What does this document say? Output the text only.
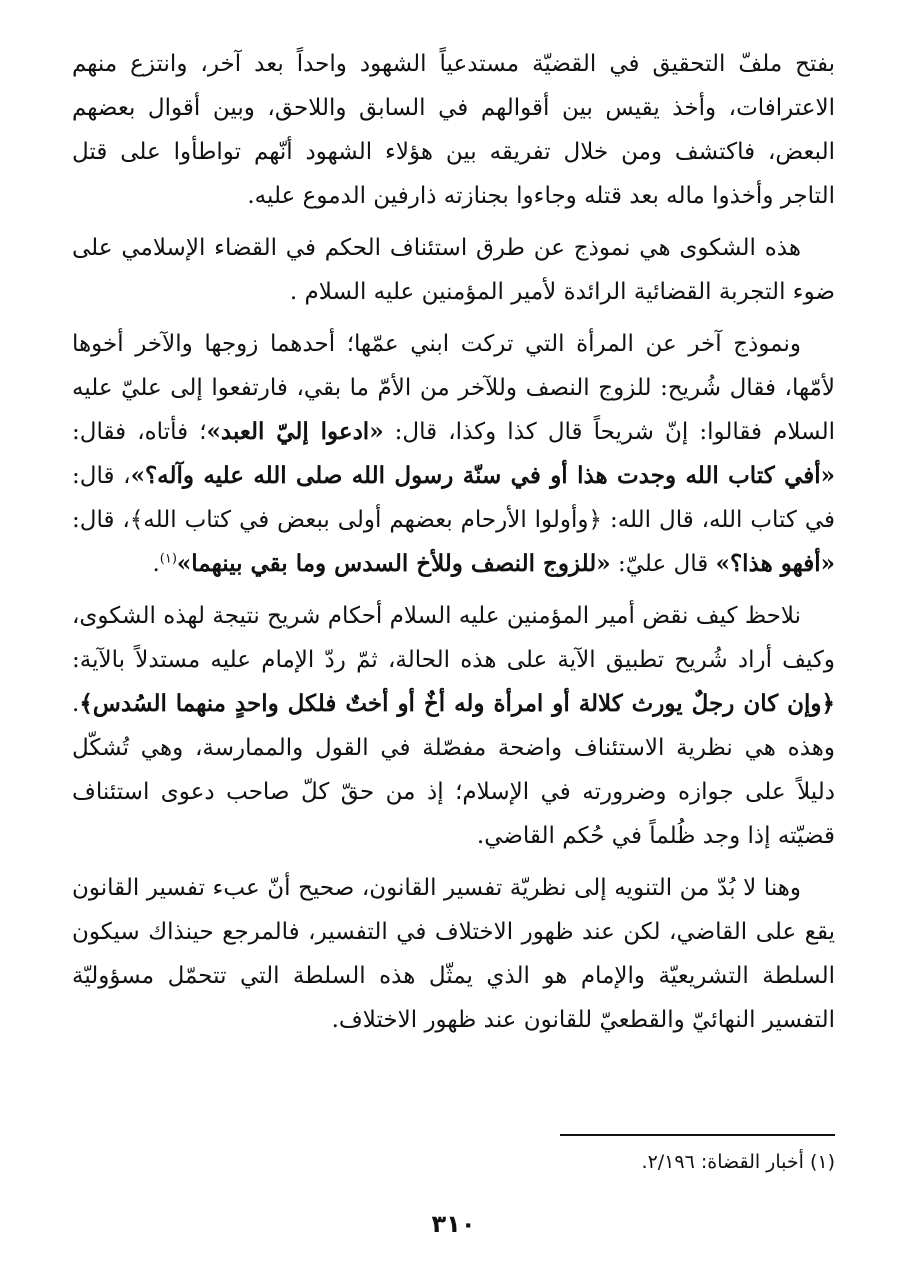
بفتح ملفّ التحقيق في القضيّة مستدعياً الشهود واحداً بعد آخر، وانتزع منهم الاعترافات، وأخذ يقيس بين أقوالهم في السابق واللاحق، وبين أقوال بعضهم البعض، فاكتشف ومن خلال تفريقه بين هؤلاء الشهود أنّهم تواطأوا على قتل التاجر وأخذوا ماله بعد قتله وجاءوا بجنازته ذارفين الدموع عليه.

هذه الشكوى هي نموذج عن طرق استئناف الحكم في القضاء الإسلامي على ضوء التجربة القضائية الرائدة لأمير المؤمنين عليه السلام .

ونموذج آخر عن المرأة التي تركت ابني عمّها؛ أحدهما زوجها والآخر أخوها لأمّها، فقال شُريح: للزوج النصف وللآخر من الأمّ ما بقي، فارتفعوا إلى عليّ عليه السلام فقالوا: إنّ شريحاً قال كذا وكذا، قال: «ادعوا إليّ العبد»؛ فأتاه، فقال: «أفي كتاب الله وجدت هذا أو في سنّة رسول الله صلى الله عليه وآله؟»، قال: في كتاب الله، قال الله: ﴿وأولوا الأرحام بعضهم أولى ببعض في كتاب الله﴾، قال: «أفهو هذا؟» قال عليّ: «للزوج النصف وللأخ السدس وما بقي بينهما»$^{(١)}$.

نلاحظ كيف نقض أمير المؤمنين عليه السلام أحكام شريح نتيجة لهذه الشكوى، وكيف أراد شُريح تطبيق الآية على هذه الحالة، ثمّ ردّ الإمام عليه مستدلاً بالآية: ﴿وإن كان رجلٌ يورث كلالة أو امرأة وله أخٌ أو أختٌ فلكل واحدٍ منهما السُدس﴾. وهذه هي نظرية الاستئناف واضحة مفصّلة في القول والممارسة، وهي تُشكّل دليلاً على جوازه وضرورته في الإسلام؛ إذ من حقّ كلّ صاحب دعوى استئناف قضيّته إذا وجد ظُلماً في حُكم القاضي.

وهنا لا بُدّ من التنويه إلى نظريّة تفسير القانون، صحيح أنّ عبء تفسير القانون يقع على القاضي، لكن عند ظهور الاختلاف في التفسير، فالمرجع حينذاك سيكون السلطة التشريعيّة والإمام هو الذي يمثّل هذه السلطة التي تتحمّل مسؤوليّة التفسير النهائيّ والقطعيّ للقانون عند ظهور الاختلاف.

(١) أخبار القضاة: ٢/١٩٦.
٣١٠
